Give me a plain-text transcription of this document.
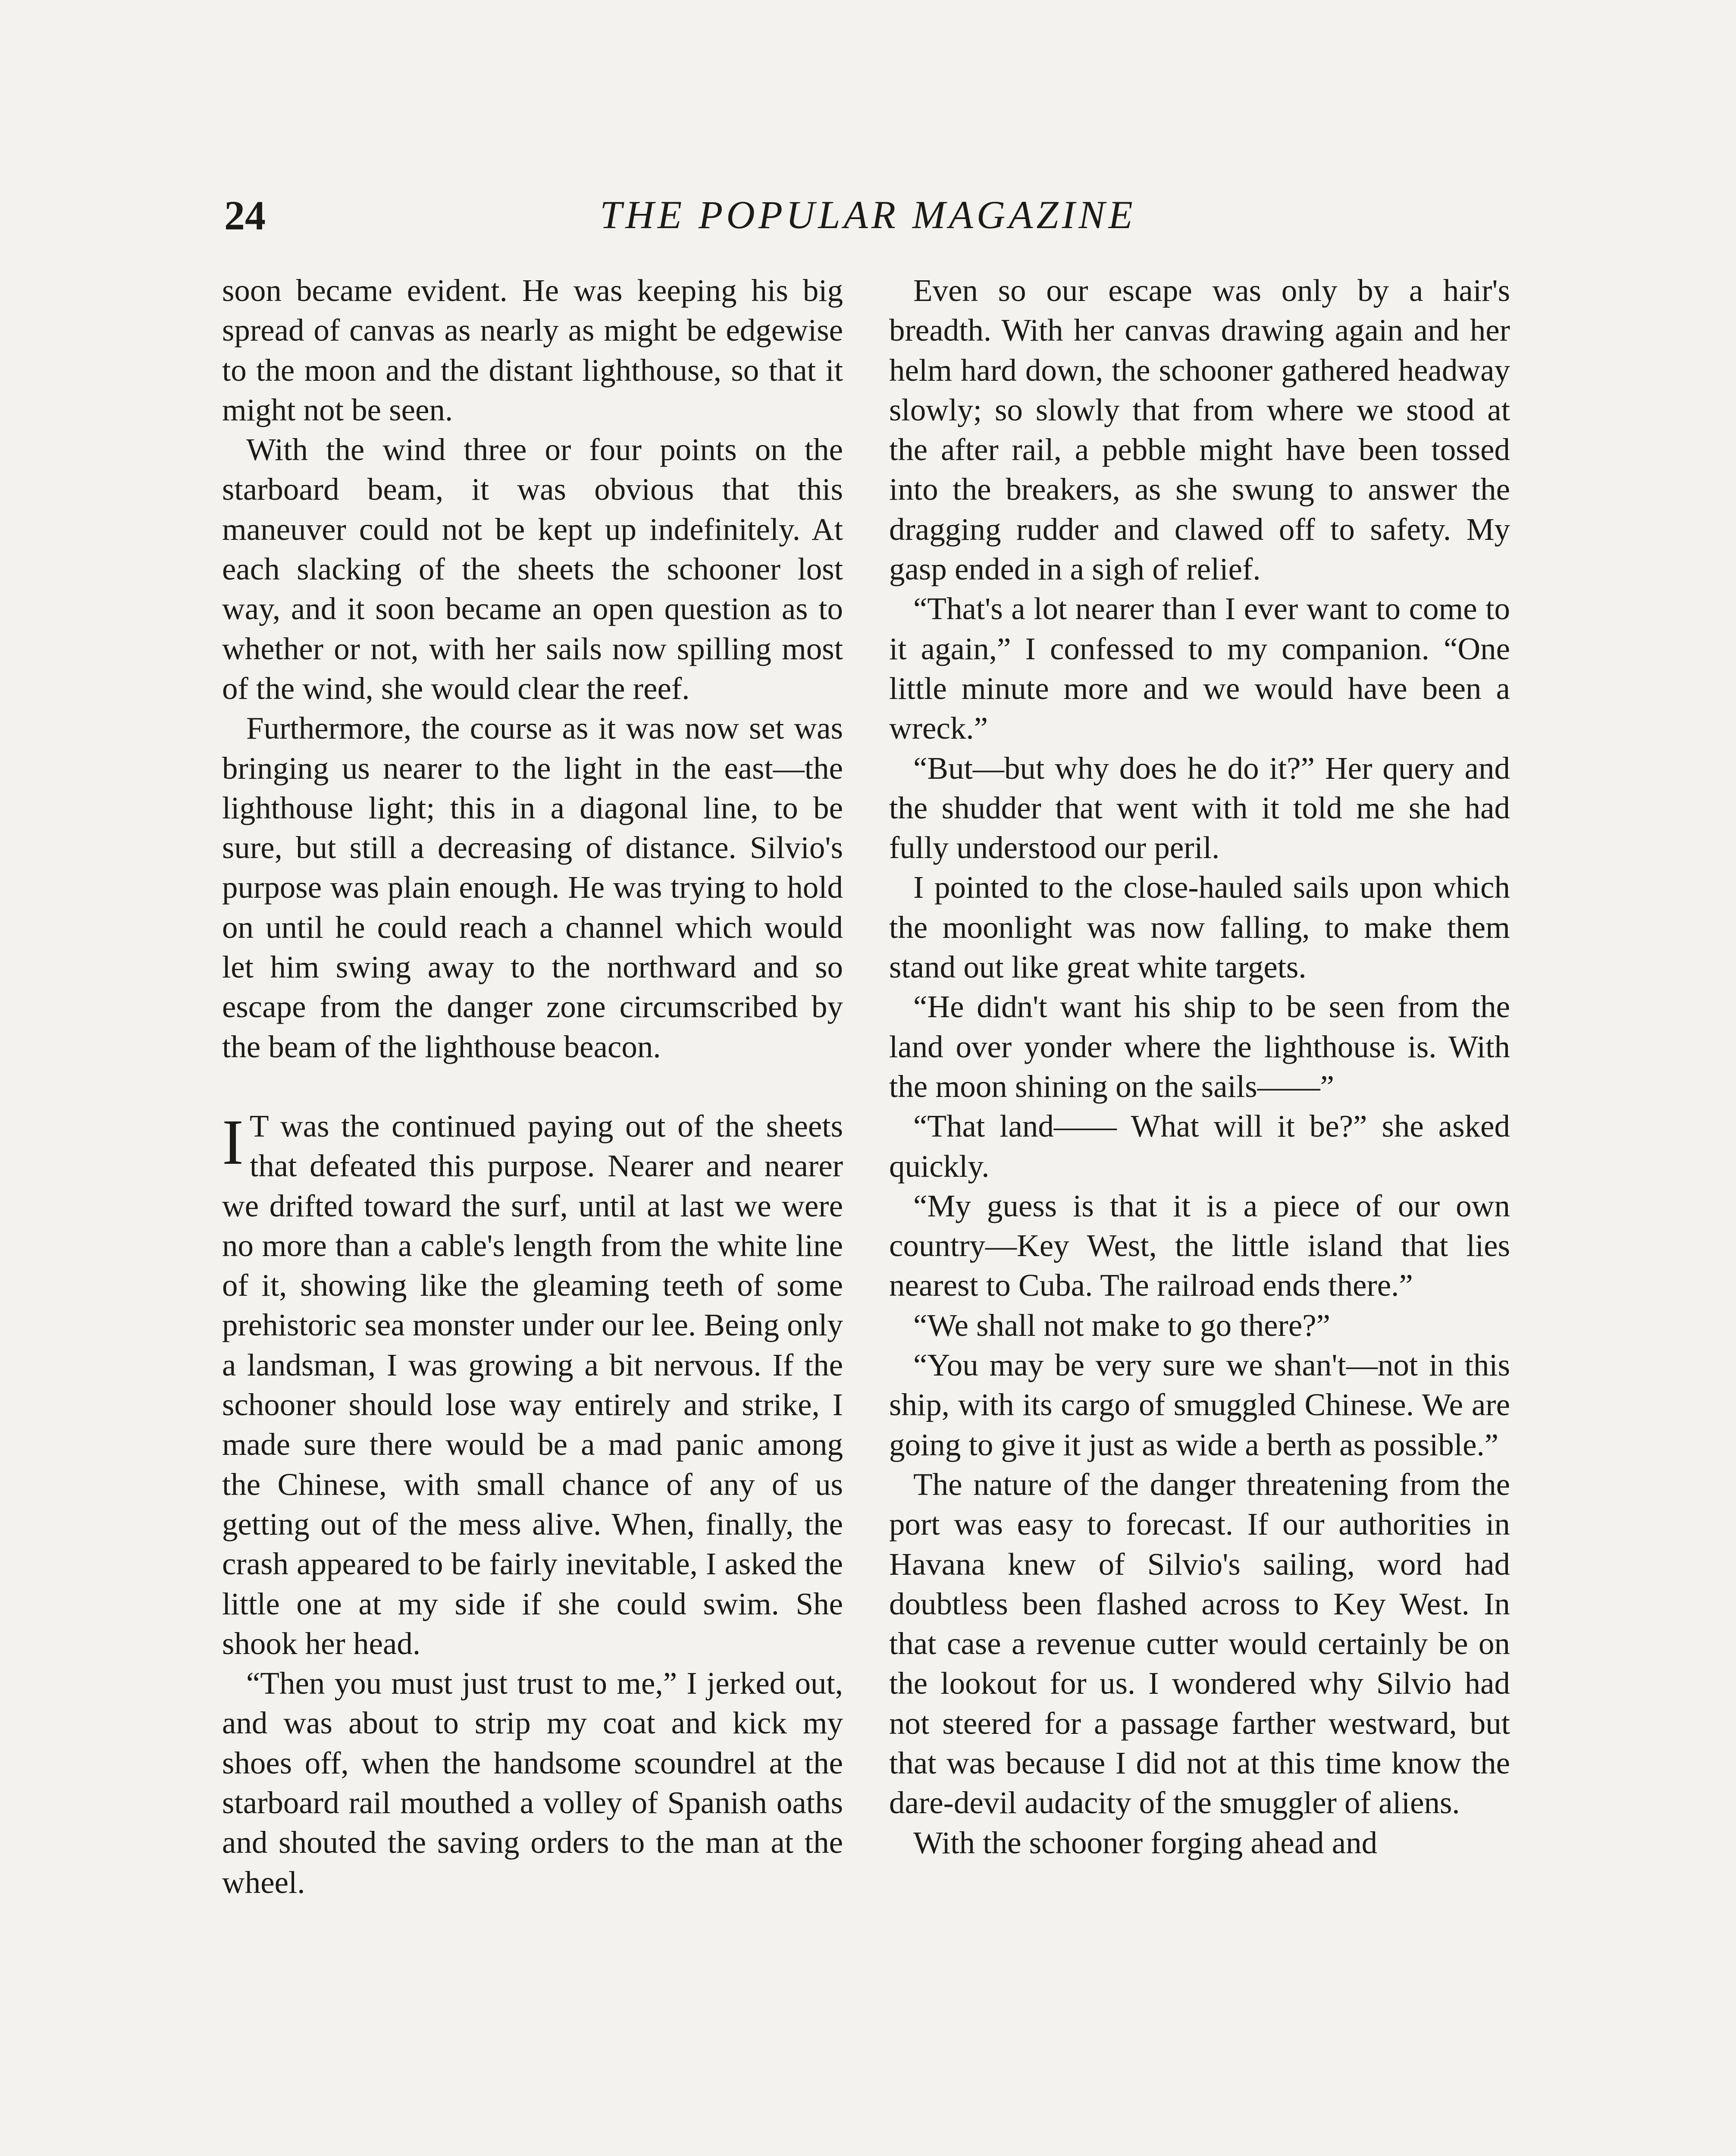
24	THE POPULAR MAGAZINE

soon became evident. He was keeping his big spread of canvas as nearly as might be edgewise to the moon and the distant lighthouse, so that it might not be seen.

With the wind three or four points on the starboard beam, it was obvious that this maneuver could not be kept up indefinitely. At each slacking of the sheets the schooner lost way, and it soon became an open question as to whether or not, with her sails now spilling most of the wind, she would clear the reef.

Furthermore, the course as it was now set was bringing us nearer to the light in the east—the lighthouse light; this in a diagonal line, to be sure, but still a decreasing of distance. Silvio's purpose was plain enough. He was trying to hold on until he could reach a channel which would let him swing away to the northward and so escape from the danger zone circumscribed by the beam of the lighthouse beacon.

I T was the continued paying out of the sheets that defeated this purpose. Nearer and nearer we drifted toward the surf, until at last we were no more than a cable's length from the white line of it, showing like the gleaming teeth of some prehistoric sea monster under our lee. Being only a landsman, I was growing a bit nervous. If the schooner should lose way entirely and strike, I made sure there would be a mad panic among the Chinese, with small chance of any of us getting out of the mess alive. When, finally, the crash appeared to be fairly inevitable, I asked the little one at my side if she could swim. She shook her head.

“Then you must just trust to me,” I jerked out, and was about to strip my coat and kick my shoes off, when the handsome scoundrel at the starboard rail mouthed a volley of Spanish oaths and shouted the saving orders to the man at the wheel.

Even so our escape was only by a hair's breadth. With her canvas drawing again and her helm hard down, the schooner gathered headway slowly; so slowly that from where we stood at the after rail, a pebble might have been tossed into the breakers, as she swung to answer the dragging rudder and clawed off to safety. My gasp ended in a sigh of relief.

“That's a lot nearer than I ever want to come to it again,” I confessed to my companion. “One little minute more and we would have been a wreck.”

“But—but why does he do it?” Her query and the shudder that went with it told me she had fully understood our peril.

I pointed to the close-hauled sails upon which the moonlight was now falling, to make them stand out like great white targets.

“He didn't want his ship to be seen from the land over yonder where the lighthouse is. With the moon shining on the sails——”

“That land—— What will it be?” she asked quickly.

“My guess is that it is a piece of our own country—Key West, the little island that lies nearest to Cuba. The railroad ends there.”

“We shall not make to go there?”

“You may be very sure we shan't—not in this ship, with its cargo of smuggled Chinese. We are going to give it just as wide a berth as possible.”

The nature of the danger threatening from the port was easy to forecast. If our authorities in Havana knew of Silvio's sailing, word had doubtless been flashed across to Key West. In that case a revenue cutter would certainly be on the lookout for us. I wondered why Silvio had not steered for a passage farther westward, but that was because I did not at this time know the dare-devil audacity of the smuggler of aliens.

With the schooner forging ahead and
